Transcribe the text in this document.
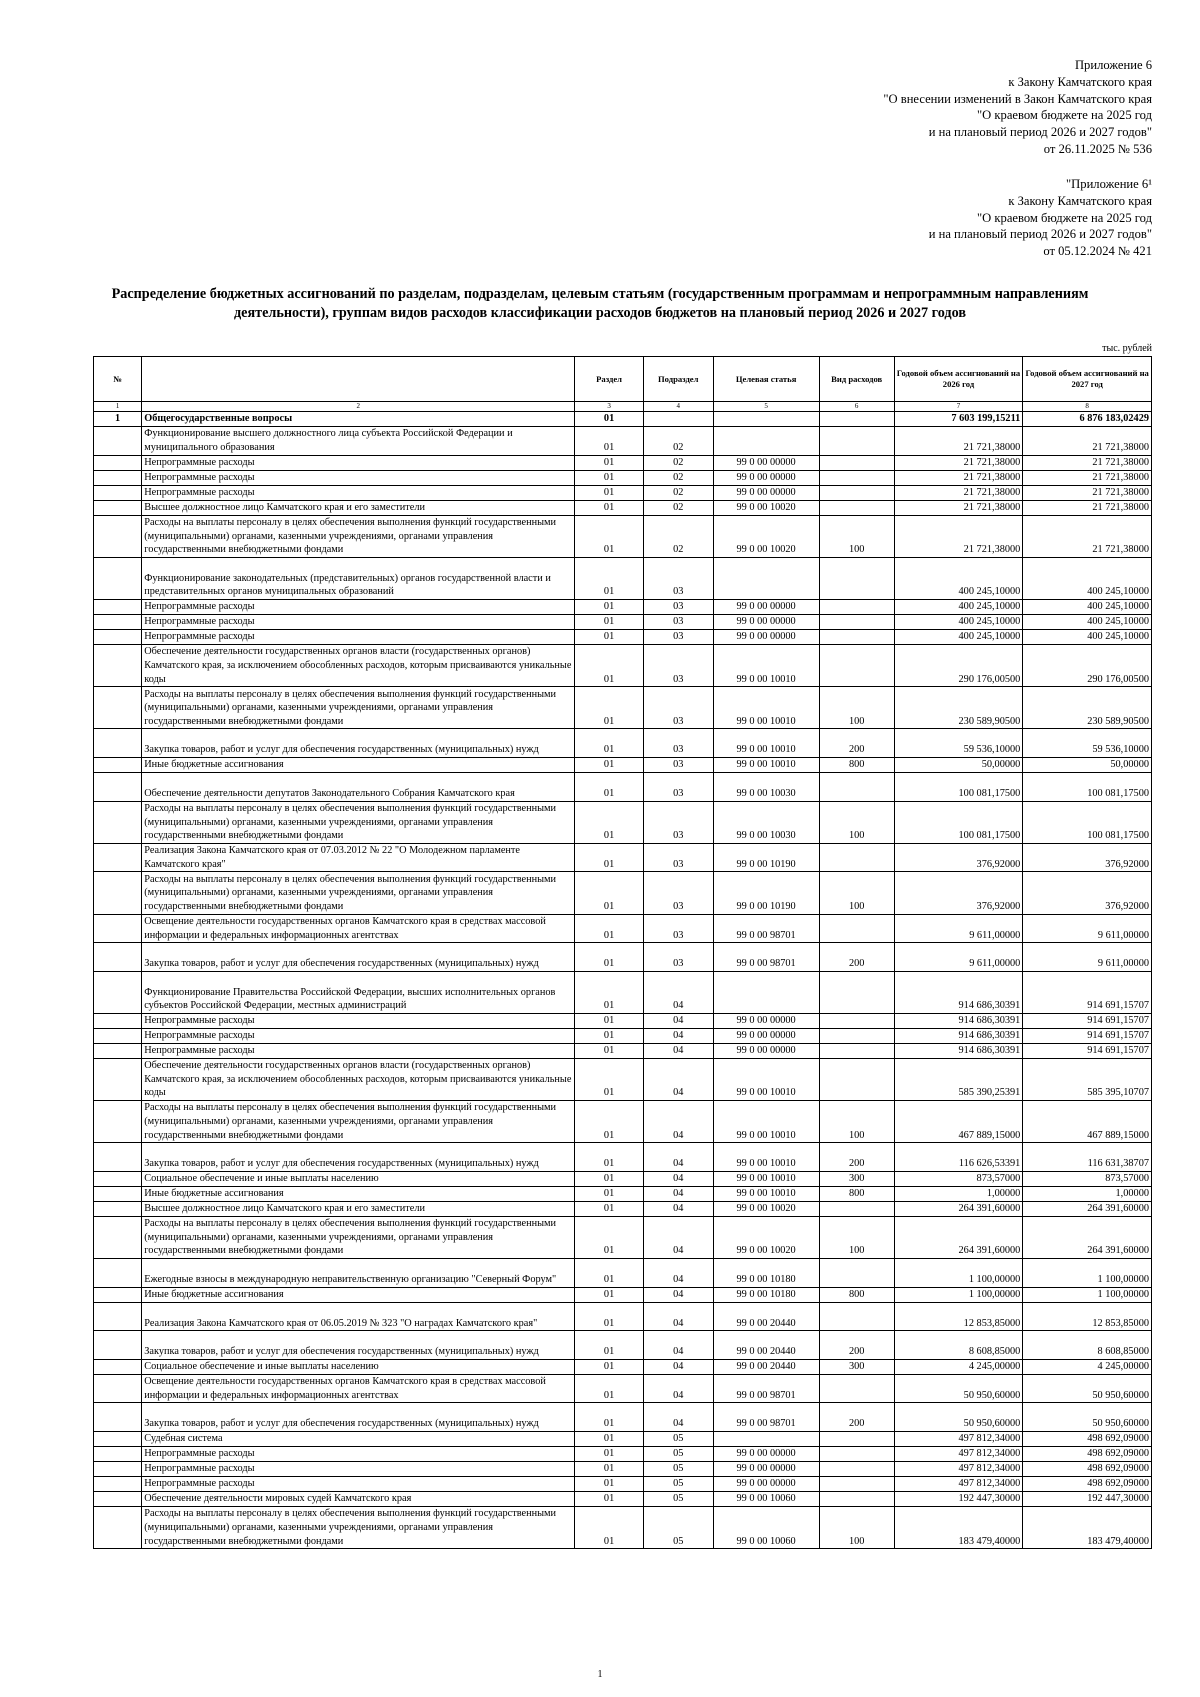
Приложение 6
к Закону Камчатского края
"О внесении изменений в Закон Камчатского края
"О краевом бюджете на 2025 год
и на плановый период 2026 и 2027 годов"
от 26.11.2025 № 536
"Приложение 6¹
к Закону Камчатского края
"О краевом бюджете на 2025 год
и на плановый период 2026 и 2027 годов"
от 05.12.2024 № 421
Распределение бюджетных ассигнований по разделам, подразделам, целевым статьям (государственным программам и непрограммным направлениям деятельности), группам видов расходов классификации расходов бюджетов на плановый период 2026 и 2027 годов
тыс. рублей
№		Раздел	Подраздел	Целевая статья	Вид расходов	Годовой объем ассигнований на 2026 год	Годовой объем ассигнований на 2027 год
1	2	3	4	5	6	7	8
1	Общегосударственные вопросы	01				7 603 199,15211	6 876 183,02429
	Функционирование высшего должностного лица субъекта Российской Федерации и муниципального образования	01	02			21 721,38000	21 721,38000
	Непрограммные расходы	01	02	99 0 00 00000		21 721,38000	21 721,38000
	Непрограммные расходы	01	02	99 0 00 00000		21 721,38000	21 721,38000
	Непрограммные расходы	01	02	99 0 00 00000		21 721,38000	21 721,38000
	Высшее должностное лицо Камчатского края и его заместители	01	02	99 0 00 10020		21 721,38000	21 721,38000
	Расходы на выплаты персоналу в целях обеспечения выполнения функций государственными (муниципальными) органами, казенными учреждениями, органами управления государственными внебюджетными фондами	01	02	99 0 00 10020	100	21 721,38000	21 721,38000
	Функционирование законодательных (представительных) органов государственной власти и представительных органов муниципальных образований	01	03			400 245,10000	400 245,10000
	Непрограммные расходы	01	03	99 0 00 00000		400 245,10000	400 245,10000
	Непрограммные расходы	01	03	99 0 00 00000		400 245,10000	400 245,10000
	Непрограммные расходы	01	03	99 0 00 00000		400 245,10000	400 245,10000
	Обеспечение деятельности государственных органов власти (государственных органов) Камчатского края, за исключением обособленных расходов, которым присваиваются уникальные коды	01	03	99 0 00 10010		290 176,00500	290 176,00500
	Расходы на выплаты персоналу в целях обеспечения выполнения функций государственными (муниципальными) органами, казенными учреждениями, органами управления государственными внебюджетными фондами	01	03	99 0 00 10010	100	230 589,90500	230 589,90500
	Закупка товаров, работ и услуг для обеспечения государственных (муниципальных) нужд	01	03	99 0 00 10010	200	59 536,10000	59 536,10000
	Иные бюджетные ассигнования	01	03	99 0 00 10010	800	50,00000	50,00000
	Обеспечение деятельности депутатов Законодательного Собрания Камчатского края	01	03	99 0 00 10030		100 081,17500	100 081,17500
	Расходы на выплаты персоналу в целях обеспечения выполнения функций государственными (муниципальными) органами, казенными учреждениями, органами управления государственными внебюджетными фондами	01	03	99 0 00 10030	100	100 081,17500	100 081,17500
	Реализация Закона Камчатского края от 07.03.2012 № 22 "О Молодежном парламенте Камчатского края"	01	03	99 0 00 10190		376,92000	376,92000
	Расходы на выплаты персоналу в целях обеспечения выполнения функций государственными (муниципальными) органами, казенными учреждениями, органами управления государственными внебюджетными фондами	01	03	99 0 00 10190	100	376,92000	376,92000
	Освещение деятельности государственных органов Камчатского края в средствах массовой информации и федеральных информационных агентствах	01	03	99 0 00 98701		9 611,00000	9 611,00000
	Закупка товаров, работ и услуг для обеспечения государственных (муниципальных) нужд	01	03	99 0 00 98701	200	9 611,00000	9 611,00000
	Функционирование Правительства Российской Федерации, высших исполнительных органов субъектов Российской Федерации, местных администраций	01	04			914 686,30391	914 691,15707
	Непрограммные расходы	01	04	99 0 00 00000		914 686,30391	914 691,15707
	Непрограммные расходы	01	04	99 0 00 00000		914 686,30391	914 691,15707
	Непрограммные расходы	01	04	99 0 00 00000		914 686,30391	914 691,15707
	Обеспечение деятельности государственных органов власти (государственных органов) Камчатского края, за исключением обособленных расходов, которым присваиваются уникальные коды	01	04	99 0 00 10010		585 390,25391	585 395,10707
	Расходы на выплаты персоналу в целях обеспечения выполнения функций государственными (муниципальными) органами, казенными учреждениями, органами управления государственными внебюджетными фондами	01	04	99 0 00 10010	100	467 889,15000	467 889,15000
	Закупка товаров, работ и услуг для обеспечения государственных (муниципальных) нужд	01	04	99 0 00 10010	200	116 626,53391	116 631,38707
	Социальное обеспечение и иные выплаты населению	01	04	99 0 00 10010	300	873,57000	873,57000
	Иные бюджетные ассигнования	01	04	99 0 00 10010	800	1,00000	1,00000
	Высшее должностное лицо Камчатского края и его заместители	01	04	99 0 00 10020		264 391,60000	264 391,60000
	Расходы на выплаты персоналу в целях обеспечения выполнения функций государственными (муниципальными) органами, казенными учреждениями, органами управления государственными внебюджетными фондами	01	04	99 0 00 10020	100	264 391,60000	264 391,60000
	Ежегодные взносы в международную неправительственную организацию "Северный Форум"	01	04	99 0 00 10180		1 100,00000	1 100,00000
	Иные бюджетные ассигнования	01	04	99 0 00 10180	800	1 100,00000	1 100,00000
	Реализация Закона Камчатского края от 06.05.2019 № 323 "О наградах Камчатского края"	01	04	99 0 00 20440		12 853,85000	12 853,85000
	Закупка товаров, работ и услуг для обеспечения государственных (муниципальных) нужд	01	04	99 0 00 20440	200	8 608,85000	8 608,85000
	Социальное обеспечение и иные выплаты населению	01	04	99 0 00 20440	300	4 245,00000	4 245,00000
	Освещение деятельности государственных органов Камчатского края в средствах массовой информации и федеральных информационных агентствах	01	04	99 0 00 98701		50 950,60000	50 950,60000
	Закупка товаров, работ и услуг для обеспечения государственных (муниципальных) нужд	01	04	99 0 00 98701	200	50 950,60000	50 950,60000
	Судебная система	01	05			497 812,34000	498 692,09000
	Непрограммные расходы	01	05	99 0 00 00000		497 812,34000	498 692,09000
	Непрограммные расходы	01	05	99 0 00 00000		497 812,34000	498 692,09000
	Непрограммные расходы	01	05	99 0 00 00000		497 812,34000	498 692,09000
	Обеспечение деятельности мировых судей Камчатского края	01	05	99 0 00 10060		192 447,30000	192 447,30000
	Расходы на выплаты персоналу в целях обеспечения выполнения функций государственными (муниципальными) органами, казенными учреждениями, органами управления государственными внебюджетными фондами	01	05	99 0 00 10060	100	183 479,40000	183 479,40000
1
